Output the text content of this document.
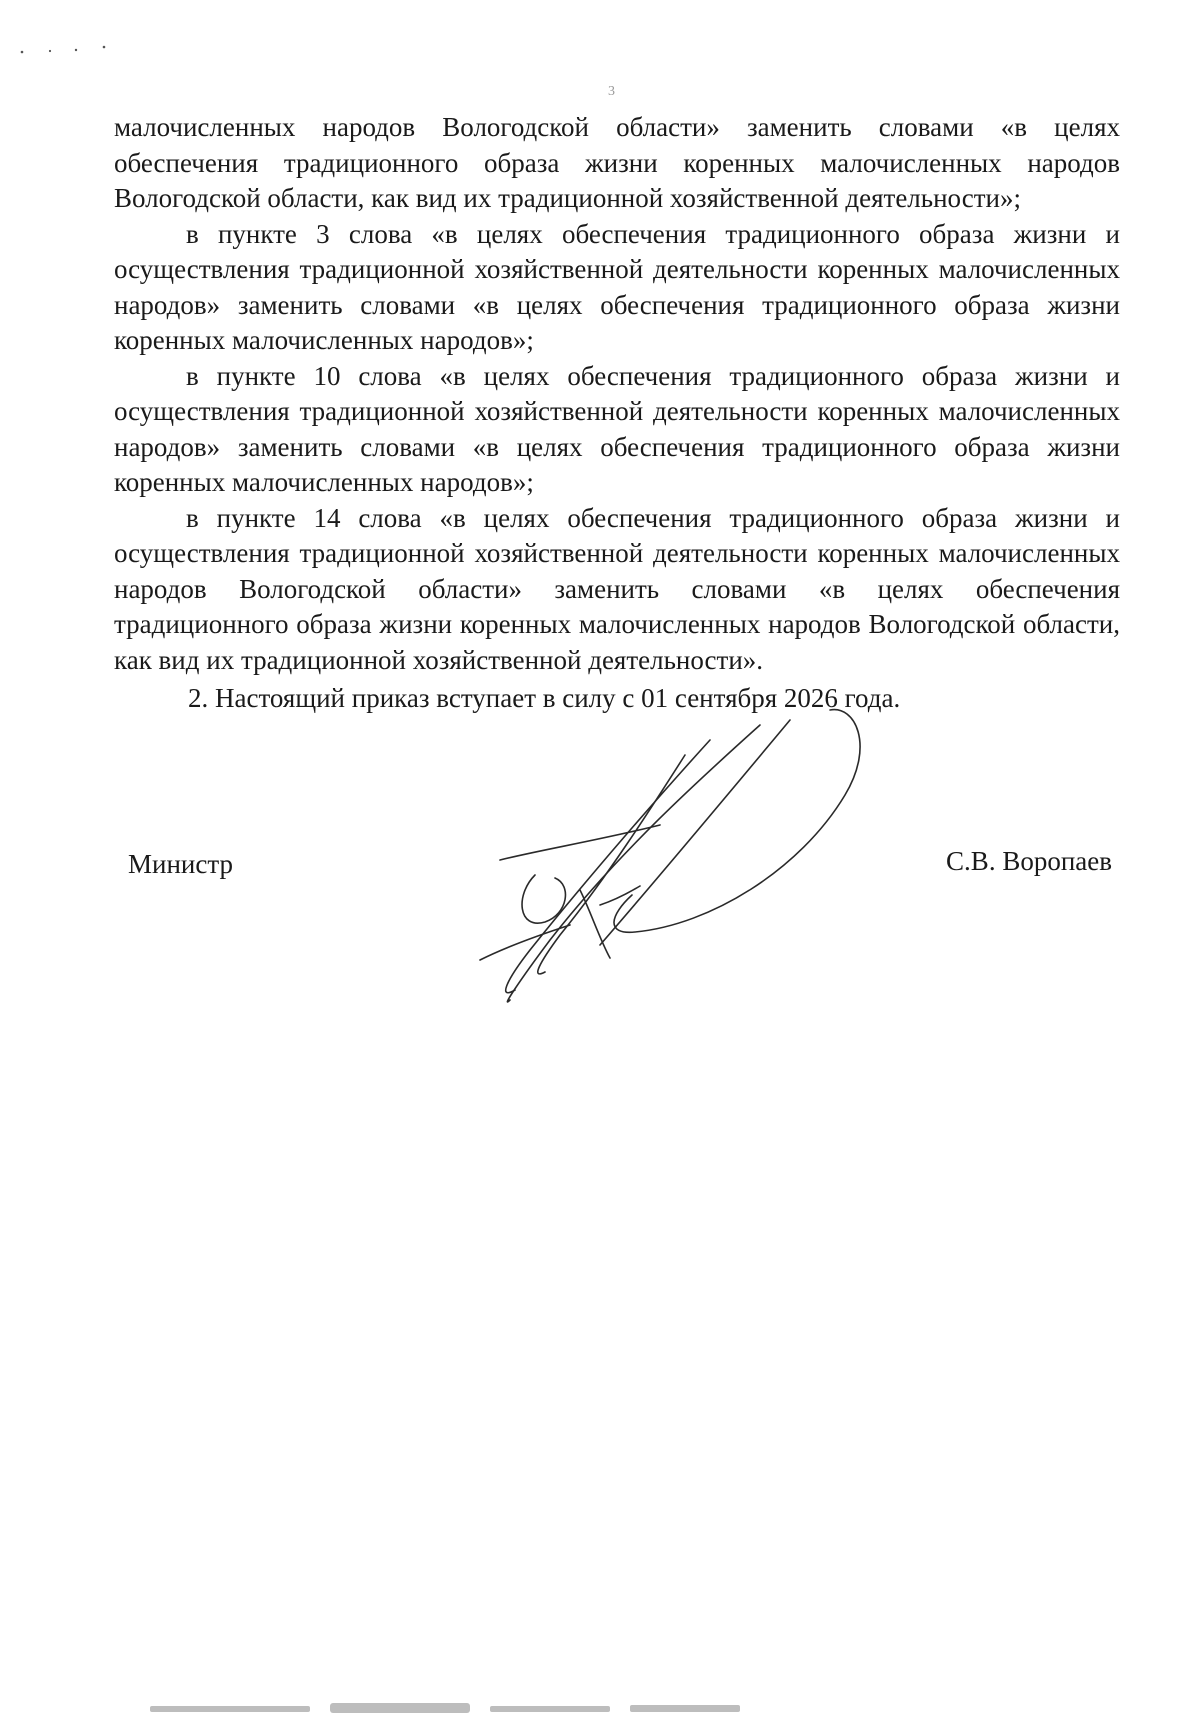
3

малочисленных народов Вологодской области» заменить словами «в целях обеспечения традиционного образа жизни коренных малочисленных народов Вологодской области, как вид их традиционной хозяйственной деятельности»;

в пункте 3 слова «в целях обеспечения традиционного образа жизни и осуществления традиционной хозяйственной деятельности коренных малочисленных народов» заменить словами «в целях обеспечения традиционного образа жизни коренных малочисленных народов»;

в пункте 10 слова «в целях обеспечения традиционного образа жизни и осуществления традиционной хозяйственной деятельности коренных малочисленных народов» заменить словами «в целях обеспечения традиционного образа жизни коренных малочисленных народов»;

в пункте 14 слова «в целях обеспечения традиционного образа жизни и осуществления традиционной хозяйственной деятельности коренных малочисленных народов Вологодской области» заменить словами «в целях обеспечения традиционного образа жизни коренных малочисленных народов Вологодской области, как вид их традиционной хозяйственной деятельности».

2. Настоящий приказ вступает в силу с 01 сентября 2026 года.
Министр	С.В. Воропаев
